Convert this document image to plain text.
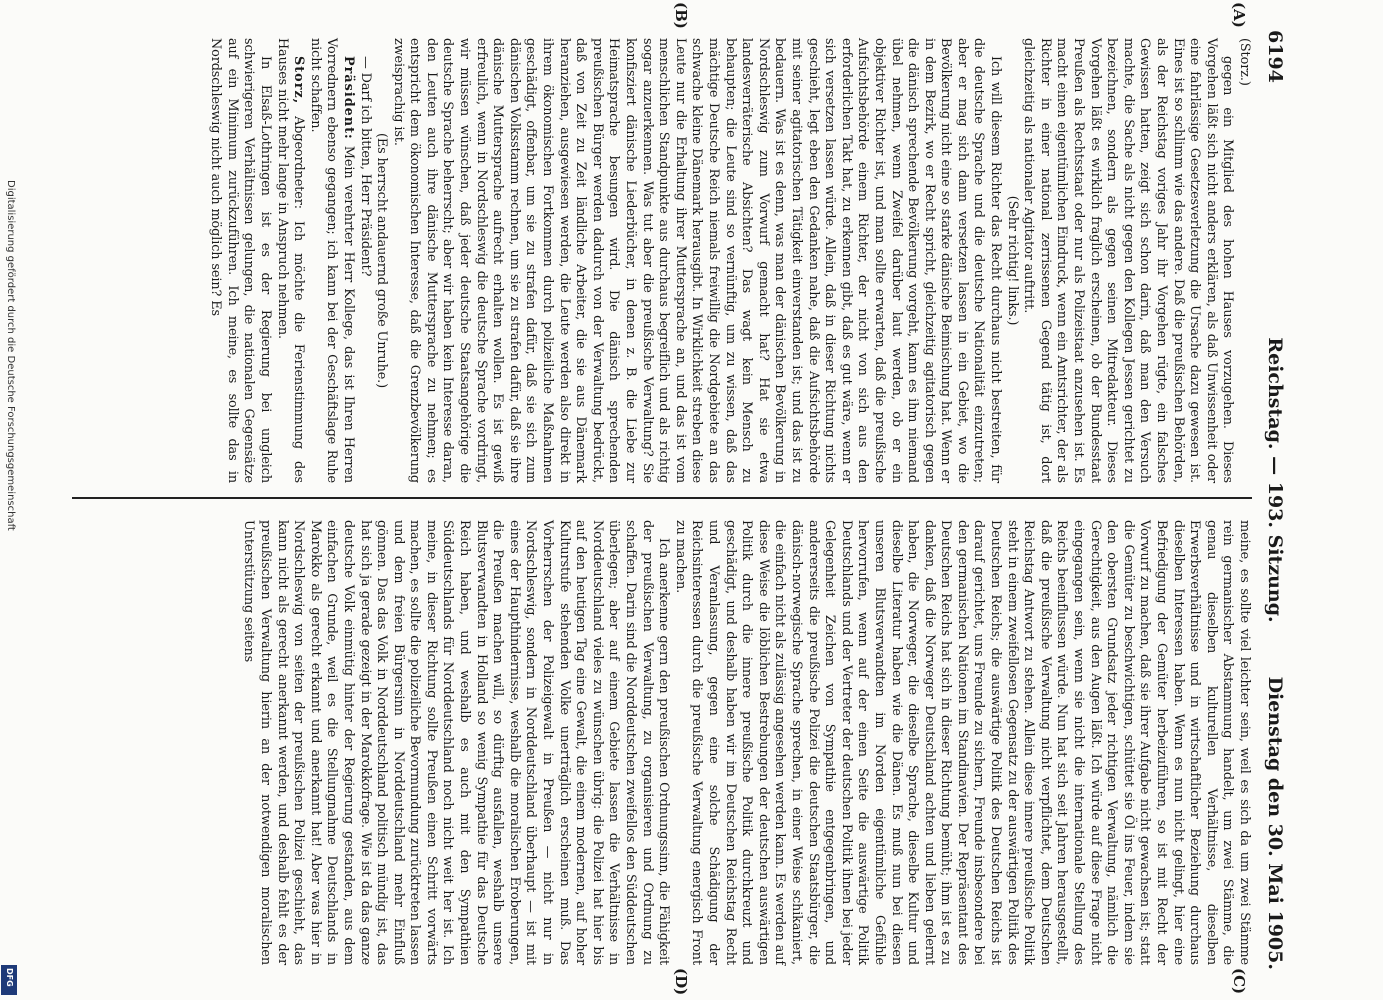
6194
Reichstag. — 193. Sitzung.
Dienstag den 30. Mai 1905.
(A)
(B)
(C)
(D)

(Storz.)

gegen ein Mitglied des hohen Hauses vorzugehen. Dieses Vorgehen läßt sich nicht anders erklären, als daß Unwissenheit oder eine fahrlässige Gesetzesverletzung die Ursache dazu gewesen ist. Eines ist so schlimm wie das andere. Daß die preußischen Behörden, als der Reichstag voriges Jahr ihr Vorgehen rügte, ein falsches Gewissen hatten, zeigt sich schon darin, daß man den Versuch machte, die Sache als nicht gegen den Kollegen Jessen gerichtet zu bezeichnen, sondern als gegen seinen Mitredakteur. Dieses Vorgehen läßt es wirklich fraglich erscheinen, ob der Bundesstaat Preußen als Rechtsstaat oder nur als Polizeistaat anzusehen ist. Es macht einen eigentümlichen Eindruck, wenn ein Amtsrichter, der als Richter in einer national zerrissenen Gegend tätig ist, dort gleichzeitig als nationaler Agitator auftritt.

(Sehr richtig! links.)

Ich will diesem Richter das Recht durchaus nicht bestreiten, für die deutsche Sprache und die deutsche Nationalität einzutreten; aber er mag sich dann versetzen lassen in ein Gebiet, wo die Bevölkerung nicht eine so starke dänische Beimischung hat. Wenn er in dem Bezirk, wo er Recht spricht, gleichzeitig agitatorisch gegen die dänisch sprechende Bevölkerung vorgeht, kann es ihm niemand übel nehmen, wenn Zweifel darüber laut werden, ob er ein objektiver Richter ist, und man sollte erwarten, daß die preußische Aufsichtsbehörde einem Richter, der nicht von sich aus den erforderlichen Takt hat, zu erkennen gibt, daß es gut wäre, wenn er sich versetzen lassen würde. Allein, daß in dieser Richtung nichts geschieht, legt eben den Gedanken nahe, daß die Aufsichtsbehörde mit seiner agitatorischen Tätigkeit einverstanden ist; und das ist zu bedauern. Was ist es denn, was man der dänischen Bevölkerung in Nordschleswig zum Vorwurf gemacht hat? Hat sie etwa landesverräterische Absichten? Das wagt kein Mensch zu behaupten; die Leute sind so vernünftig, um zu wissen, daß das mächtige Deutsche Reich niemals freiwillig die Nordgebiete an das schwache kleine Dänemark herausgibt. In Wirklichkeit streben diese Leute nur die Erhaltung ihrer Muttersprache an, und das ist vom menschlichen Standpunkte aus durchaus begreiflich und als richtig sogar anzuerkennen. Was tut aber die preußische Verwaltung? Sie konfisziert dänische Liederbücher, in denen z. B. die Liebe zur Heimatsprache besungen wird. Die dänisch sprechenden preußischen Bürger werden dadurch von der Verwaltung bedrückt, daß von Zeit zu Zeit ländliche Arbeiter, die sie aus Dänemark heranziehen, ausgewiesen werden, die Leute werden also direkt in ihrem ökonomischen Fortkommen durch polizeiliche Maßnahmen geschädigt, offenbar, um sie zu strafen dafür, daß sie sich zum dänischen Volksstamm rechnen, um sie zu strafen dafür, daß sie ihre dänische Muttersprache aufrecht erhalten wollen. Es ist gewiß erfreulich, wenn in Nordschleswig die deutsche Sprache vordringt, wir müssen wünschen, daß jeder deutsche Staatsangehörige die deutsche Sprache beherrscht; aber wir haben kein Interesse daran, den Leuten auch ihre dänische Muttersprache zu nehmen; es entspricht dem ökonomischen Interesse, daß die Grenzbevölkerung zweisprachig ist.

(Es herrscht andauernd große Unruhe.)

— Darf ich bitten, Herr Präsident?

Präsident: Mein verehrter Herr Kollege, das ist Ihren Herren Vorrednern ebenso gegangen; ich kann bei der Geschäftslage Ruhe nicht schaffen.

Storz, Abgeordneter: Ich möchte die Ferienstimmung des Hauses nicht mehr lange in Anspruch nehmen.

In Elsaß-Lothringen ist es der Regierung bei ungleich schwierigeren Verhältnissen gelungen, die nationalen Gegensätze auf ein Minimum zurückzuführen. Ich meine, es sollte das in Nordschleswig nicht auch möglich sein? Es

meine, es sollte viel leichter sein, weil es sich da um zwei Stämme rein germanischer Abstammung handelt, um zwei Stämme, die genau dieselben kulturellen Verhältnisse, dieselben Erwerbsverhältnisse und in wirtschaftlicher Beziehung durchaus dieselben Interessen haben. Wenn es nun nicht gelingt, hier eine Befriedigung der Gemüter herbeizuführen, so ist mit Recht der Vorwurf zu machen, daß sie ihrer Aufgabe nicht gewachsen ist; statt die Gemüter zu beschwichtigen, schüttet sie Öl ins Feuer, indem sie den obersten Grundsatz jeder richtigen Verwaltung, nämlich die Gerechtigkeit, aus den Augen läßt. Ich würde auf diese Frage nicht eingegangen sein, wenn sie nicht die internationale Stellung des Reichs beeinflussen würde. Nun hat sich seit Jahren herausgestellt, daß die preußische Verwaltung nicht verpflichtet, dem Deutschen Reichstag Antwort zu stehen. Allein diese innere preußische Politik steht in einem zweifellosen Gegensatz zu der auswärtigen Politik des Deutschen Reichs; die auswärtige Politik des Deutschen Reichs ist darauf gerichtet, uns Freunde zu sichern, Freunde insbesondere bei den germanischen Nationen im Standinavien. Der Repräsentant des Deutschen Reichs hat sich in dieser Richtung bemüht; ihm ist es zu danken, daß die Norweger Deutschland achten und lieben gelernt haben, die Norweger, die dieselbe Sprache, dieselbe Kultur und dieselbe Literatur haben wie die Dänen. Es muß nun bei diesen unseren Blutsverwandten im Norden eigentümliche Gefühle hervorrufen, wenn auf der einen Seite die auswärtige Politik Deutschlands und der Vertreter der deutschen Politik ihnen bei jeder Gelegenheit Zeichen von Sympathie entgegenbringen, und andererseits die preußische Polizei die deutschen Staatsbürger, die dänisch-norwegische Sprache sprechen, in einer Weise schikaniert, die einfach nicht als zulässig angesehen werden kann. Es werden auf diese Weise die löblichen Bestrebungen der deutschen auswärtigen Politik durch die innere preußische Politik durchkreuzt und geschädigt, und deshalb haben wir im Deutschen Reichstag Recht und Veranlassung, gegen eine solche Schädigung der Reichsinteressen durch die preußische Verwaltung energisch Front zu machen.

Ich anerkenne gern den preußischen Ordnungssinn, die Fähigkeit der preußischen Verwaltung, zu organisieren und Ordnung zu schaffen. Darin sind die Norddeutschen zweifellos den Süddeutschen überlegen; aber auf einem Gebiete lassen die Verhältnisse in Norddeutschland vieles zu wünschen übrig: die Polizei hat hier bis auf den heutigen Tag eine Gewalt, die einem modernen, auf hoher Kulturstufe stehenden Volke unerträglich erscheinen muß. Das Vorherrschen der Polizeigewalt in Preußen — nicht nur in Nordschleswig, sondern in Norddeutschland überhaupt — ist mit eines der Haupthindernisse, weshalb die moralischen Eroberungen, die Preußen machen will, so dürftig ausfallen, weshalb unsere Blutsverwandten in Holland so wenig Sympathie für das Deutsche Reich haben, und weshalb es auch mit den Sympathien Süddeutschlands für Norddeutschland noch nicht weit her ist. Ich meine, in dieser Richtung sollte Preußen einen Schritt vorwärts machen, es sollte die polizeiliche Bevormundung zurücktreten lassen und dem freien Bürgersinn in Norddeutschland mehr Einfluß gönnen. Das das Volk in Norddeutschland politisch mündig ist, das hat sich ja gerade gezeigt in der Marokkofrage. Wie ist da das ganze deutsche Volk einmütig hinter der Regierung gestanden, aus dem einfachen Grunde, weil es die Stellungnahme Deutschlands in Marokko als gerecht erkannt und anerkannt hat! Aber was hier in Nordschleswig von seiten der preußischen Polizei geschieht, das kann nicht als gerecht anerkannt werden, und deshalb fehlt es der preußischen Verwaltung hierin an der notwendigen moralischen Unterstützung seitens

Digitalisierung gefördert durch die Deutsche Forschungsgemeinschaft
DFG
